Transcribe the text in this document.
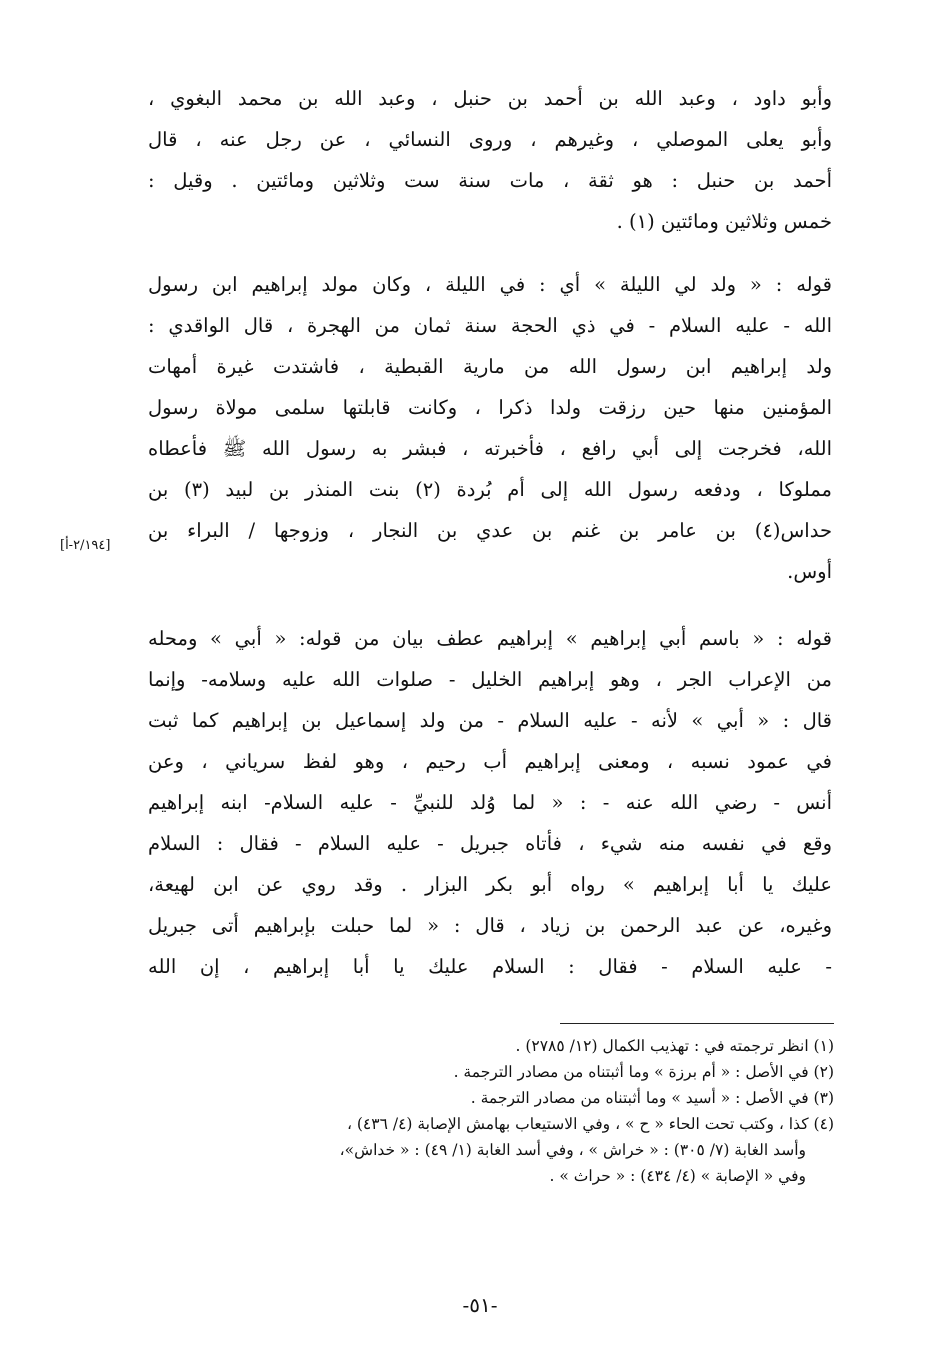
وأبو داود ، وعبد الله بن أحمد بن حنبل ، وعبد الله بن محمد البغوي ،
وأبو يعلى الموصلي ، وغيرهم ، وروى النسائي ، عن رجل عنه ، قال
أحمد بن حنبل : هو ثقة ، مات سنة ست وثلاثين ومائتين . وقيل :
خمس وثلاثين ومائتين (١) .
قوله : « ولد لي الليلة » أي : في الليلة ، وكان مولد إبراهيم ابن رسول
الله - عليه السلام - في ذي الحجة سنة ثمان من الهجرة ، قال الواقدي :
ولد إبراهيم ابن رسول الله من مارية القبطية ، فاشتدت غيرة أمهات
المؤمنين منها حين رزقت ولدا ذكرا ، وكانت قابلتها سلمى مولاة رسول
الله، فخرجت إلى أبي رافع ، فأخبرته ، فبشر به رسول الله ﷺ فأعطاه
مملوكا ، ودفعه رسول الله إلى أم بُردة (٢) بنت المنذر بن لبيد (٣) بن
حداس(٤) بن عامر بن غنم بن عدي بن النجار ، وزوجها / البراء بن
أوس.
[٢/١٩٤-أ]
قوله : « باسم أبي إبراهيم » إبراهيم عطف بيان من قوله: « أبي » ومحله
من الإعراب الجر ، وهو إبراهيم الخليل - صلوات الله عليه وسلامه- وإنما
قال : « أبي » لأنه - عليه السلام - من ولد إسماعيل بن إبراهيم كما ثبت
في عمود نسبه ، ومعنى إبراهيم أب رحيم ، وهو لفظ سرياني ، وعن
أنس - رضي الله عنه - : « لما وُلد للنبيِّ - عليه السلام- ابنه إبراهيم
وقع في نفسه منه شيء ، فأتاه جبريل - عليه السلام - فقال : السلام
عليك يا أبا إبراهيم » رواه أبو بكر البزار . وقد روي عن ابن لهيعة،
وغيره، عن عبد الرحمن بن زياد ، قال : « لما حبلت بإبراهيم أتى جبريل
- عليه السلام - فقال : السلام عليك يا أبا إبراهيم ، إن الله
(١) انظر ترجمته في : تهذيب الكمال (١٢/ ٢٧٨٥) .
(٢) في الأصل : « أم برزة » وما أثبتناه من مصادر الترجمة .
(٣) في الأصل : « أسيد » وما أثبتناه من مصادر الترجمة .
(٤) كذا ، وكتب تحت الحاء « ح » ، وفي الاستيعاب بهامش الإصابة (٤/ ٤٣٦) ،
وأسد الغابة (٧/ ٣٠٥) : « خراش » ، وفي أسد الغابة (١/ ٤٩) : « خداش»،
وفي « الإصابة » (٤/ ٤٣٤) : « حراث » .
-٥١-
